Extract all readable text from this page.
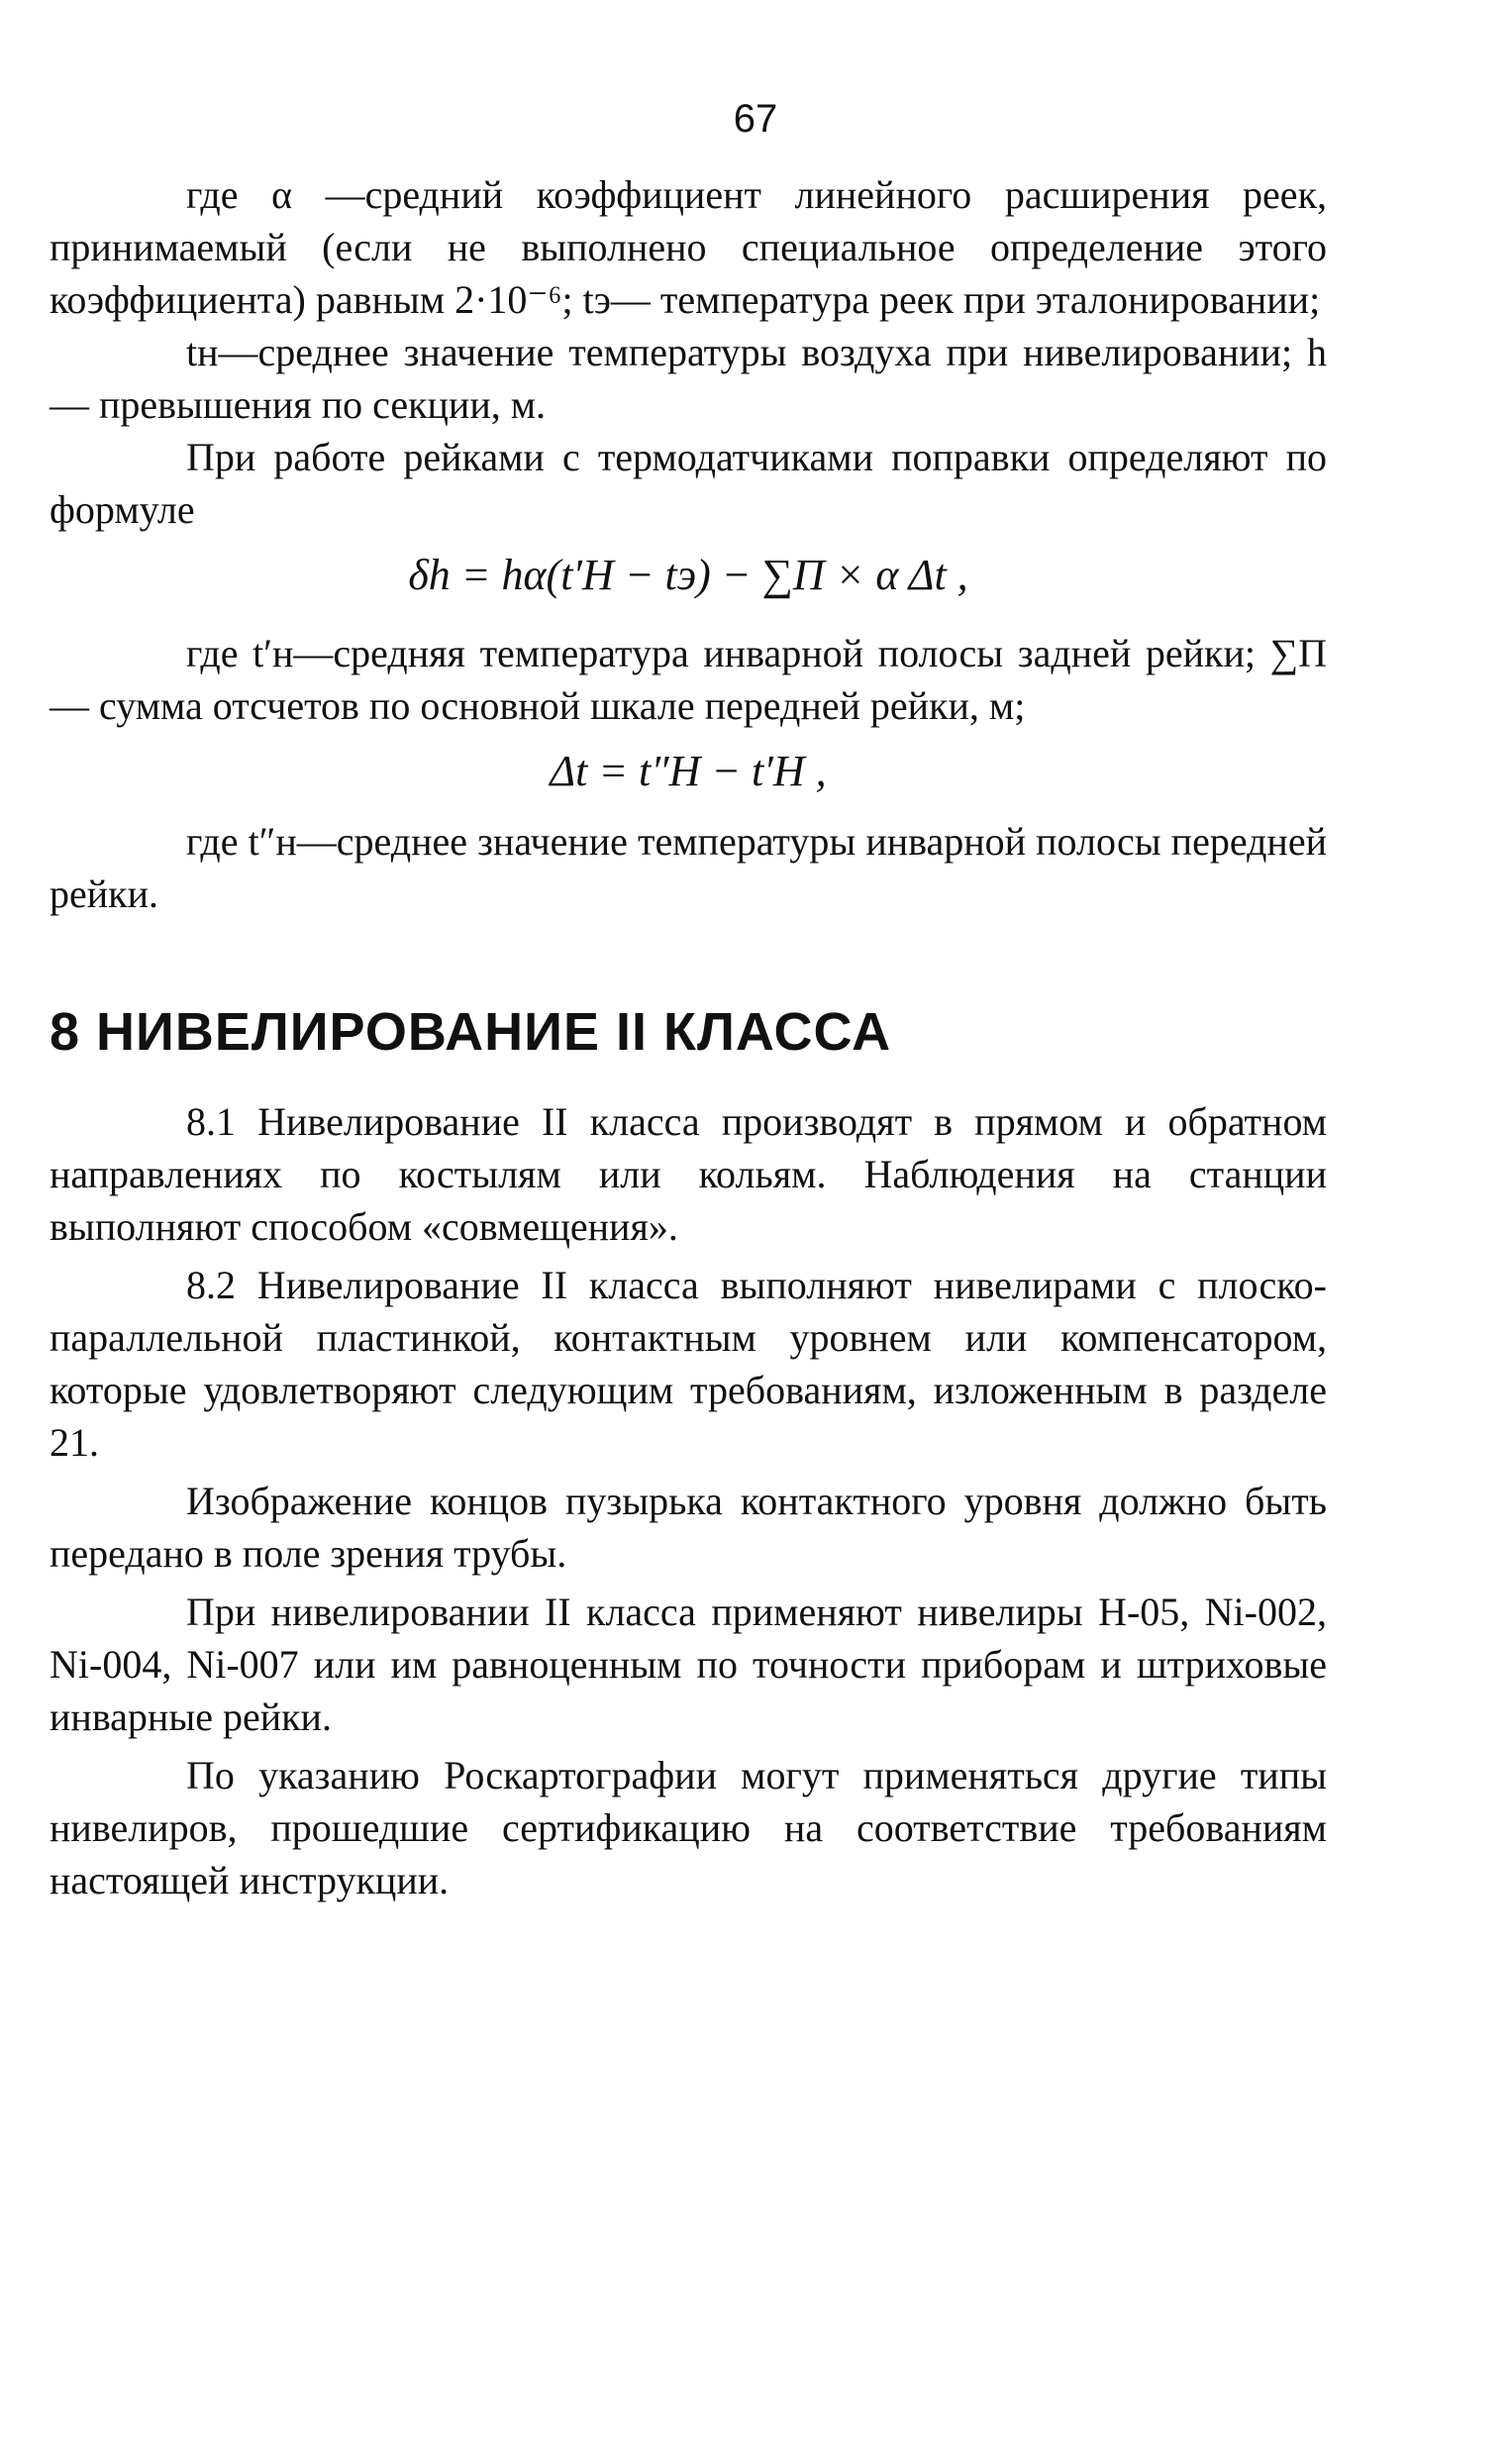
67

где α —средний коэффициент линейного расширения реек, принимаемый (если не выполнено специальное определение этого коэффициента) равным 2·10⁻⁶; tэ— температура реек при эталонировании;

tн—среднее значение температуры воздуха при нивелировании; h— превышения по секции, м.

При работе рейками с термодатчиками поправки определяют по формуле

δh = hα(t′Н − tэ) − ∑П × α Δt ,

где t′н—средняя температура инварной полосы задней рейки; ∑П — сумма отсчетов по основной шкале передней рейки, м;

Δt = t″Н − t′Н ,

где t″н—среднее значение температуры инварной полосы передней рейки.

8 НИВЕЛИРОВАНИЕ II КЛАССА

8.1 Нивелирование II класса производят в прямом и обратном направлениях по костылям или кольям. Наблюдения на станции выполняют способом «совмещения».

8.2 Нивелирование II класса выполняют нивелирами с плоско- параллельной пластинкой, контактным уровнем или компенсатором, которые удовлетворяют следующим требованиям, изложенным в разделе 21.

Изображение концов пузырька контактного уровня должно быть передано в поле зрения трубы.

При нивелировании II класса применяют нивелиры Н-05, Ni-002, Ni-004, Ni-007 или им равноценным по точности приборам и штриховые инварные рейки.

По указанию Роскартографии могут применяться другие типы нивелиров, прошедшие сертификацию на соответствие требованиям настоящей инструкции.
